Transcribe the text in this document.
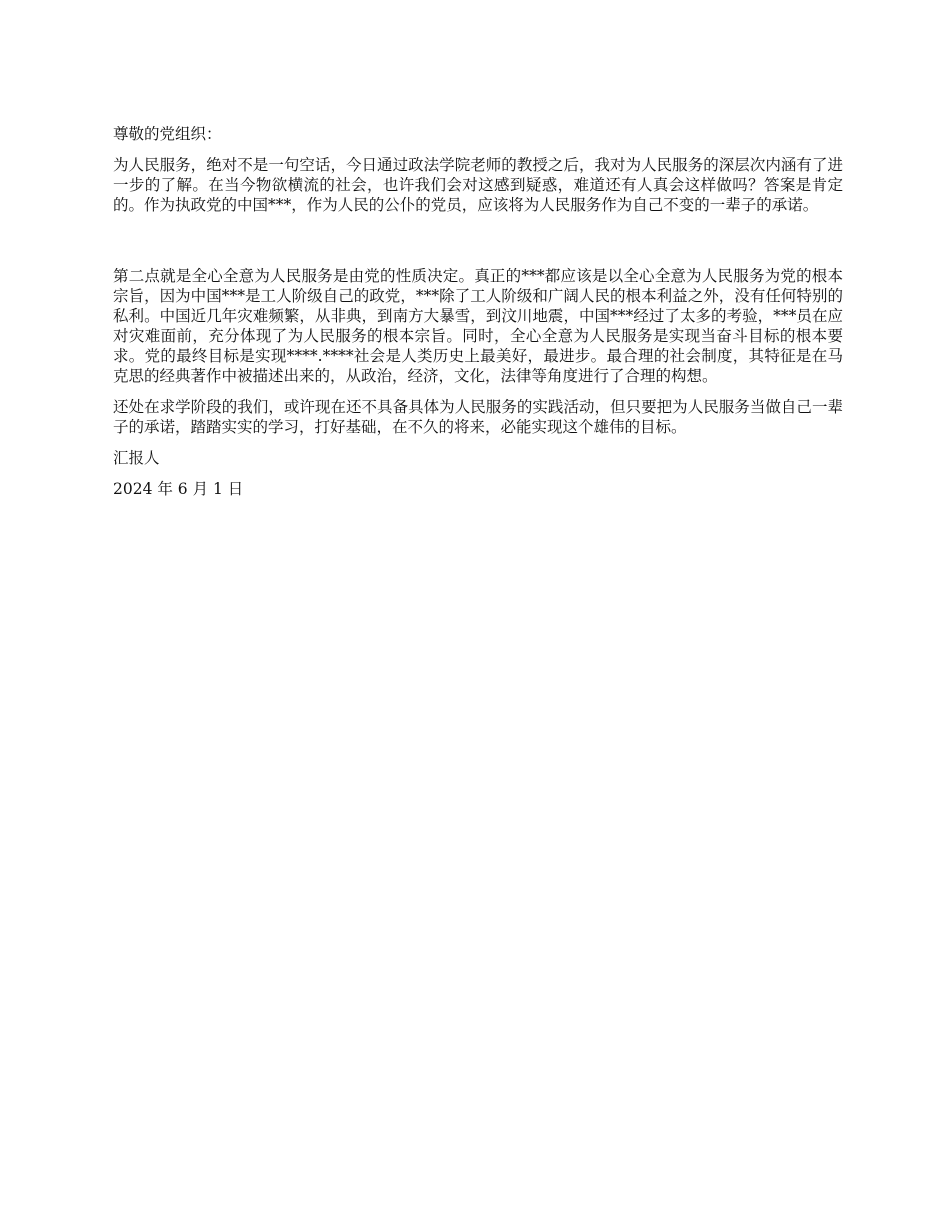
尊敬的党组织：

为人民服务，绝对不是一句空话，今日通过政法学院老师的教授之后，我对为人民服务的深层次内涵有了进一步的了解。在当今物欲横流的社会，也许我们会对这感到疑惑，难道还有人真会这样做吗？答案是肯定的。作为执政党的中国***，作为人民的公仆的党员，应该将为人民服务作为自己不变的一辈子的承诺。

第二点就是全心全意为人民服务是由党的性质决定。真正的***都应该是以全心全意为人民服务为党的根本宗旨，因为中国***是工人阶级自己的政党，***除了工人阶级和广阔人民的根本利益之外，没有任何特别的私利。中国近几年灾难频繁，从非典，到南方大暴雪，到汶川地震，中国***经过了太多的考验，***员在应对灾难面前，充分体现了为人民服务的根本宗旨。同时，全心全意为人民服务是实现当奋斗目标的根本要求。党的最终目标是实现****.****社会是人类历史上最美好，最进步。最合理的社会制度，其特征是在马克思的经典著作中被描述出来的，从政治，经济，文化，法律等角度进行了合理的构想。

还处在求学阶段的我们，或许现在还不具备具体为人民服务的实践活动，但只要把为人民服务当做自己一辈子的承诺，踏踏实实的学习，打好基础，在不久的将来，必能实现这个雄伟的目标。

汇报人

2024 年 6 月 1 日
